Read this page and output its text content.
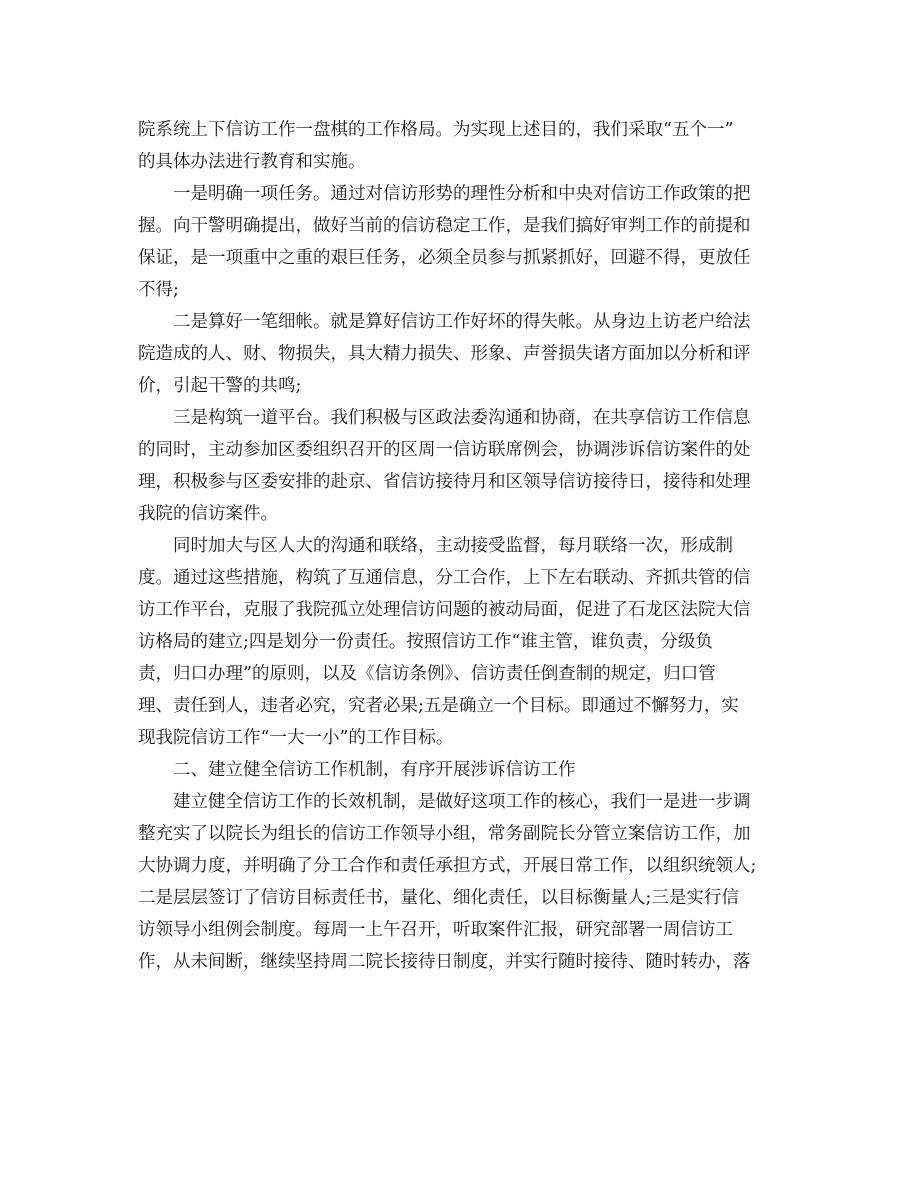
院系统上下信访工作一盘棋的工作格局。为实现上述目的，我们采取“五个一”
的具体办法进行教育和实施。
一是明确一项任务。通过对信访形势的理性分析和中央对信访工作政策的把
握。向干警明确提出，做好当前的信访稳定工作，是我们搞好审判工作的前提和
保证，是一项重中之重的艰巨任务，必须全员参与抓紧抓好，回避不得，更放任
不得;
二是算好一笔细帐。就是算好信访工作好坏的得失帐。从身边上访老户给法
院造成的人、财、物损失，具大精力损失、形象、声誉损失诸方面加以分析和评
价，引起干警的共鸣;
三是构筑一道平台。我们积极与区政法委沟通和协商，在共享信访工作信息
的同时，主动参加区委组织召开的区周一信访联席例会，协调涉诉信访案件的处
理，积极参与区委安排的赴京、省信访接待月和区领导信访接待日，接待和处理
我院的信访案件。
同时加大与区人大的沟通和联络，主动接受监督，每月联络一次，形成制
度。通过这些措施，构筑了互通信息，分工合作，上下左右联动、齐抓共管的信
访工作平台，克服了我院孤立处理信访问题的被动局面，促进了石龙区法院大信
访格局的建立;四是划分一份责任。按照信访工作“谁主管，谁负责，分级负
责，归口办理”的原则，以及《信访条例》、信访责任倒查制的规定，归口管
理、责任到人，违者必究，究者必果;五是确立一个目标。即通过不懈努力，实
现我院信访工作“一大一小”的工作目标。
二、建立健全信访工作机制，有序开展涉诉信访工作
建立健全信访工作的长效机制，是做好这项工作的核心，我们一是进一步调
整充实了以院长为组长的信访工作领导小组，常务副院长分管立案信访工作，加
大协调力度，并明确了分工合作和责任承担方式，开展日常工作，以组织统领人;
二是层层签订了信访目标责任书，量化、细化责任，以目标衡量人;三是实行信
访领导小组例会制度。每周一上午召开，听取案件汇报，研究部署一周信访工
作，从未间断，继续坚持周二院长接待日制度，并实行随时接待、随时转办，落
